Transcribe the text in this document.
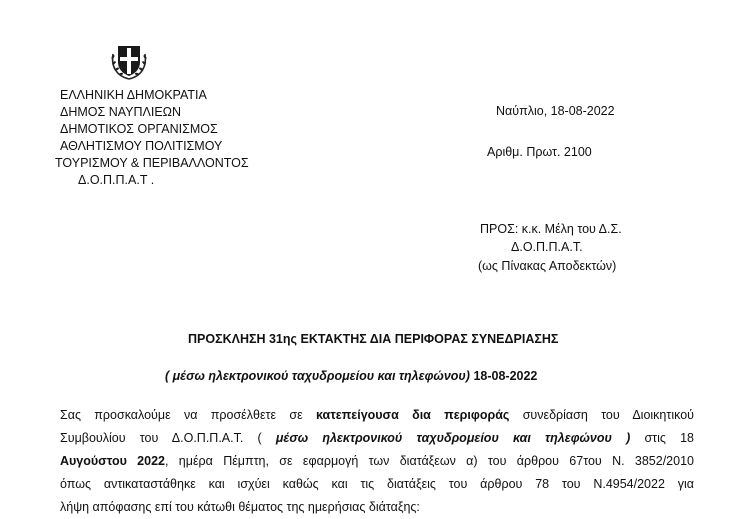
ΕΛΛΗΝΙΚΗ ΔΗΜΟΚΡΑΤΙΑ
ΔΗΜΟΣ ΝΑΥΠΛΙΕΩΝ
ΔΗΜΟΤΙΚΟΣ ΟΡΓΑΝΙΣΜΟΣ
ΑΘΛΗΤΙΣΜΟΥ ΠΟΛΙΤΙΣΜΟΥ
ΤΟΥΡΙΣΜΟΥ & ΠΕΡΙΒΑΛΛΟΝΤΟΣ
Δ.Ο.Π.Π.Α.Τ .
Ναύπλιο, 18-08-2022
Αριθμ. Πρωτ. 2100
ΠΡΟΣ: κ.κ. Μέλη του Δ.Σ.
Δ.Ο.Π.Π.Α.Τ.
(ως Πίνακας Αποδεκτών)
ΠΡΟΣΚΛΗΣΗ 31ης ΕΚΤΑΚΤΗΣ ΔΙΑ ΠΕΡΙΦΟΡΑΣ ΣΥΝΕΔΡΙΑΣΗΣ
( μέσω ηλεκτρονικού ταχυδρομείου και τηλεφώνου) 18-08-2022
Σας προσκαλούμε να προσέλθετε σε κατεπείγουσα δια περιφοράς συνεδρίαση του Διοικητικού
Συμβουλίου του Δ.Ο.Π.Π.Α.Τ. ( μέσω ηλεκτρονικού ταχυδρομείου και τηλεφώνου ) στις 18
Αυγούστου 2022, ημέρα Πέμπτη, σε εφαρμογή των διατάξεων α) του άρθρου 67του Ν. 3852/2010
όπως αντικαταστάθηκε και ισχύει καθώς και τις διατάξεις του άρθρου 78 του Ν.4954/2022 για
λήψη απόφασης επί του κάτωθι θέματος της ημερήσιας διάταξης:
